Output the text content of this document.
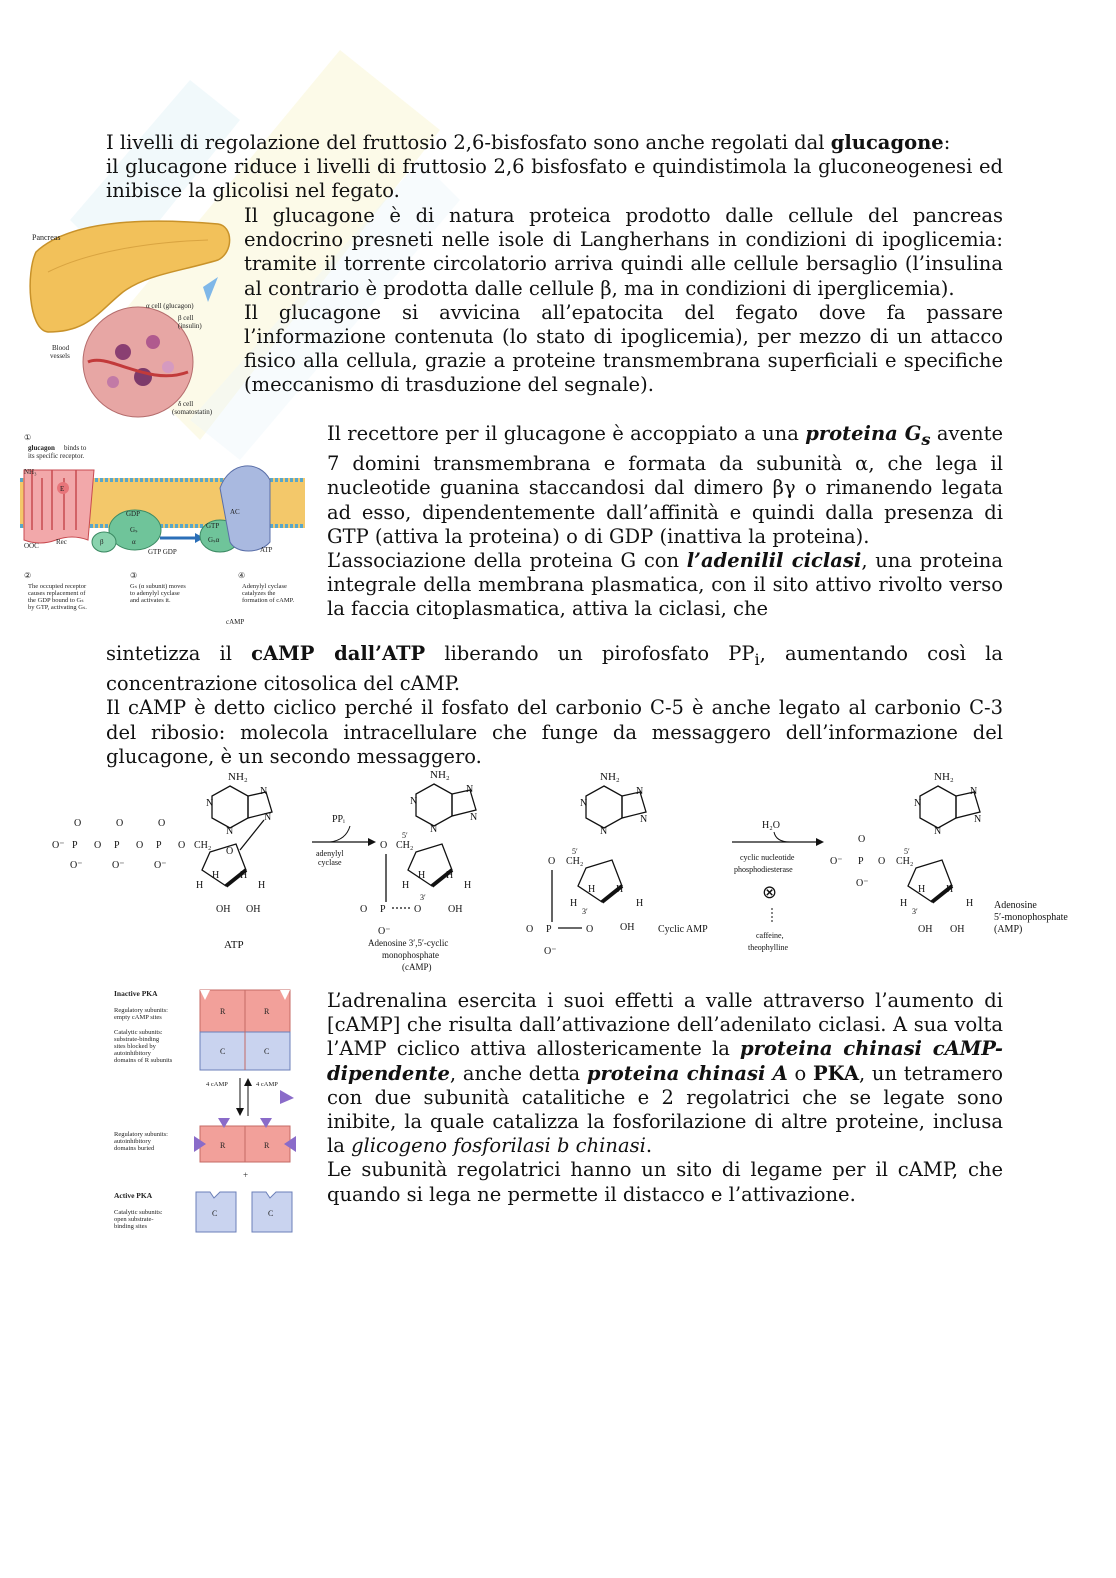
I livelli di regolazione del fruttosio 2,6-bisfosfato sono anche regolati dal glucagone:

il glucagone riduce i livelli di fruttosio 2,6 bisfosfato e quindistimola la gluconeogenesi ed inibisce la glicolisi nel fegato.

Pancreas
α cell (glucagon)
β cell
(insulin)
Blood
vessels
δ cell
(somatostatin)

Il glucagone è di natura proteica prodotto dalle cellule del pancreas endocrino presneti nelle isole di Langherhans in condizioni di ipoglicemia: tramite il torrente circolatorio arriva quindi alle cellule bersaglio (l’insulina al contrario è prodotta dalle cellule β, ma in condizioni di iperglicemia).

Il glucagone si avvicina all’epatocita del fegato dove fa passare l’informazione contenuta (lo stato di ipoglicemia), per mezzo di un attacco fisico alla cellula, grazie a proteine transmembrana superficiali e specifiche (meccanismo di trasduzione del segnale).

①
glucagon binds to
its specific receptor.
E
NH₃
OOC Rec
GDP
Gₛ
β	α
GTP GDP
GTP
Gₛα
AC
ATP
②
The occupied receptor
causes replacement of
the GDP bound to Gₛ
by GTP, activating Gₛ.
③
Gₛ (α subunit) moves
to adenylyl cyclase
and activates it.
④
Adenylyl cyclase
catalyzes the
formation of cAMP.
cAMP

Il recettore per il glucagone è accoppiato a una proteina $G_s$ avente 7 domini transmembrana e formata da subunità α, che lega il nucleotide guanina staccandosi dal dimero βγ o rimanendo legata ad esso, dipendentemente dall’affinità e quindi dalla presenza di GTP (attiva la proteina) o di GDP (inattiva la proteina).

L’associazione della proteina G con l’adenilil ciclasi, una proteina integrale della membrana plasmatica, con il sito attivo rivolto verso la faccia citoplasmatica, attiva la ciclasi, che

sintetizza il cAMP dall’ATP liberando un pirofosfato $PP_i$, aumentando così la concentrazione citosolica del cAMP.

Il cAMP è detto ciclico perché il fosfato del carbonio C-5 è anche legato al carbonio C-3 del ribosio: molecola intracellulare che funge da messaggero dell’informazione del glucagone, è un secondo messaggero.

NH₂
N
N
N
N
O
CH₂
H
H H
H
OH OH
O⁻ P O P O P O
O	O	O
O⁻	O⁻	O⁻
ATP
PPᵢ
adenylyl
cyclase
NH₂
N
N
N
N
O CH₂
5′
H
H H
H
3′
OH
O P	O
O⁻
Adenosine 3′,5′-cyclic
monophosphate
(cAMP)
NH₂
N
N
N
N
O CH₂
5′
H
H H
H
3′
OH
O P	O
O⁻
Cyclic AMP
H₂O
cyclic nucleotide
phosphodiesterase
⊗
caffeine,
theophylline
NH₂
N
N
N
N
O⁻ P O CH₂
5′
O
O⁻
H
H H
H
3′
OH OH
Adenosine
5′-monophosphate
(AMP)
Inactive PKA
Regulatory subunits:
empty cAMP sites
Catalytic subunits:
substrate-binding
sites blocked by
autoinhibitory
domains of R subunits
R	R
C	C
4 cAMP	4 cAMP
Regulatory subunits:
autoinhibitory
domains buried	R	R
+
Active PKA
Catalytic subunits:
open substrate-
binding sites
C	C

L’adrenalina esercita i suoi effetti a valle attraverso l’aumento di [cAMP] che risulta dall’attivazione dell’adenilato ciclasi. A sua volta l’AMP ciclico attiva allostericamente la proteina chinasi cAMP-dipendente, anche detta proteina chinasi A o PKA, un tetramero con due subunità catalitiche e 2 regolatrici che se legate sono inibite, la quale catalizza la fosforilazione di altre proteine, inclusa la glicogeno fosforilasi b chinasi.

Le subunità regolatrici hanno un sito di legame per il cAMP, che quando si lega ne permette il distacco e l’attivazione.
